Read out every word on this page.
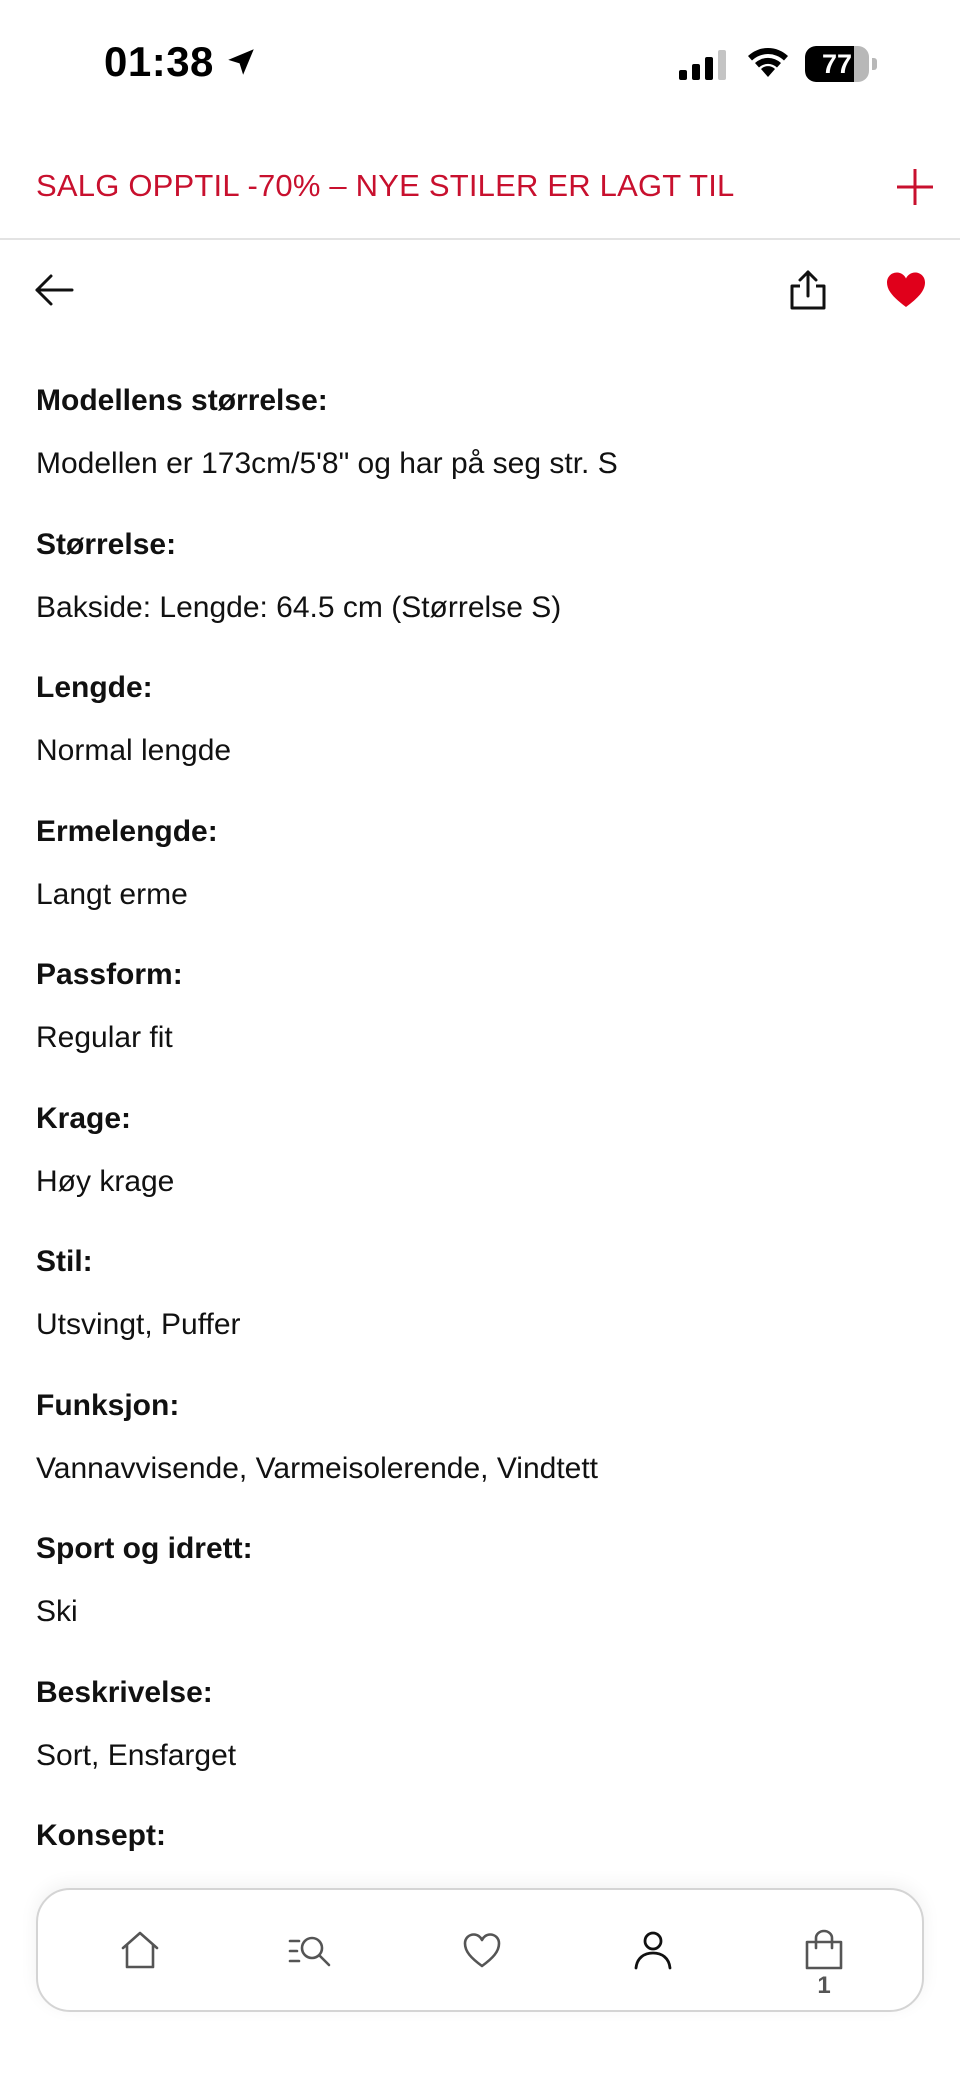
01:38	77
SALG OPPTIL -70% – NYE STILER ER LAGT TIL

Modellens størrelse:

Modellen er 173cm/5'8" og har på seg str. S

Størrelse:

Bakside: Lengde: 64.5 cm (Størrelse S)

Lengde:

Normal lengde

Ermelengde:

Langt erme

Passform:

Regular fit

Krage:

Høy krage

Stil:

Utsvingt, Puffer

Funksjon:

Vannavvisende, Varmeisolerende, Vindtett

Sport og idrett:

Ski

Beskrivelse:

Sort, Ensfarget

Konsept:

1
